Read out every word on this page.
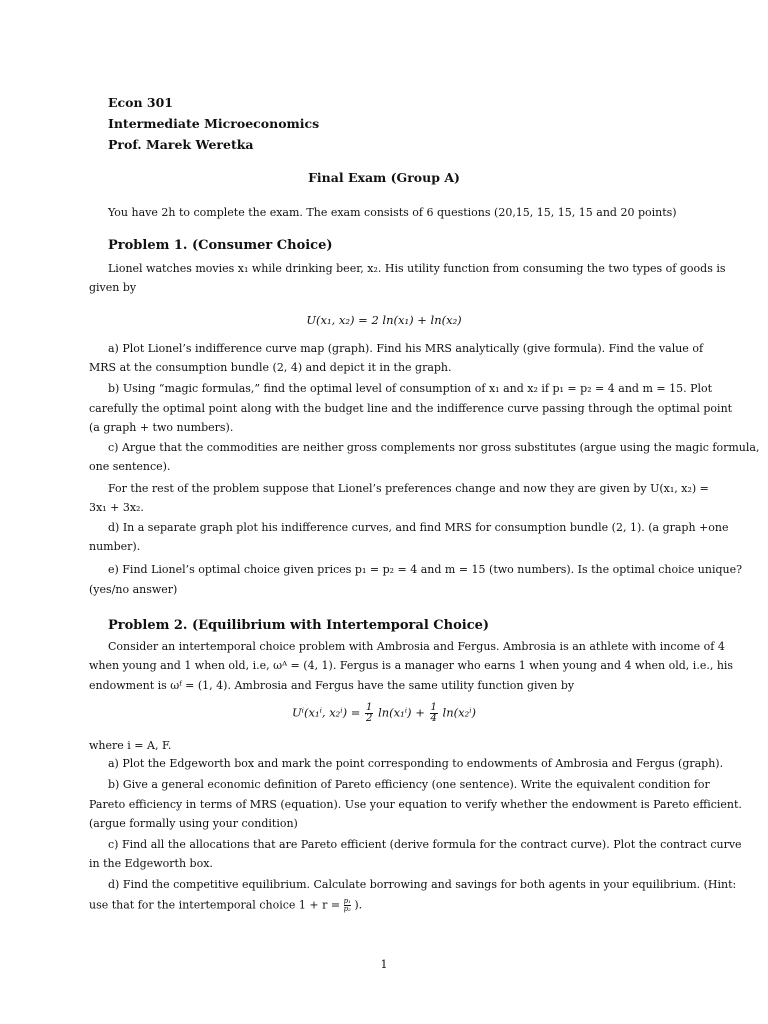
Econ 301
Intermediate Microeconomics
Prof. Marek Weretka
Final Exam (Group A)
You have 2h to complete the exam. The exam consists of 6 questions (20,15, 15, 15, 15 and 20 points)
Problem 1. (Consumer Choice)
Lionel watches movies x₁ while drinking beer, x₂. His utility function from consuming the two types of goods is
given by
U(x₁, x₂) = 2 ln(x₁) + ln(x₂)
a) Plot Lionel’s indifference curve map (graph). Find his MRS analytically (give formula). Find the value of
MRS at the consumption bundle (2, 4) and depict it in the graph.
b) Using “magic formulas,” find the optimal level of consumption of x₁ and x₂ if p₁ = p₂ = 4 and m = 15. Plot
carefully the optimal point along with the budget line and the indifference curve passing through the optimal point
(a graph + two numbers).
c) Argue that the commodities are neither gross complements nor gross substitutes (argue using the magic formula,
one sentence).
For the rest of the problem suppose that Lionel’s preferences change and now they are given by U(x₁, x₂) =
3x₁ + 3x₂.
d) In a separate graph plot his indifference curves, and find MRS for consumption bundle (2, 1). (a graph +one
number).
e) Find Lionel’s optimal choice given prices p₁ = p₂ = 4 and m = 15 (two numbers). Is the optimal choice unique?
(yes/no answer)
Problem 2. (Equilibrium with Intertemporal Choice)
Consider an intertemporal choice problem with Ambrosia and Fergus. Ambrosia is an athlete with income of 4
when young and 1 when old, i.e, ωᴬ = (4, 1). Fergus is a manager who earns 1 when young and 4 when old, i.e., his
endowment is ωᶠ = (1, 4). Ambrosia and Fergus have the same utility function given by
Uⁱ(x₁ⁱ, $x_2^i) = \frac{1}{2} \ln(x_1^i) + \frac{1}{4} \ln(x_2^i)$
where i = A, F.
a) Plot the Edgeworth box and mark the point corresponding to endowments of Ambrosia and Fergus (graph).
b) Give a general economic definition of Pareto efficiency (one sentence). Write the equivalent condition for
Pareto efficiency in terms of MRS (equation). Use your equation to verify whether the endowment is Pareto efficient.
(argue formally using your condition)
c) Find all the allocations that are Pareto efficient (derive formula for the contract curve). Plot the contract curve
in the Edgeworth box.
d) Find the competitive equilibrium. Calculate borrowing and savings for both agents in your equilibrium. (Hint:
use that for the intertemporal choice $1 + r = \frac{\text{p₁}}{\text{p₂}}$ ).
1
